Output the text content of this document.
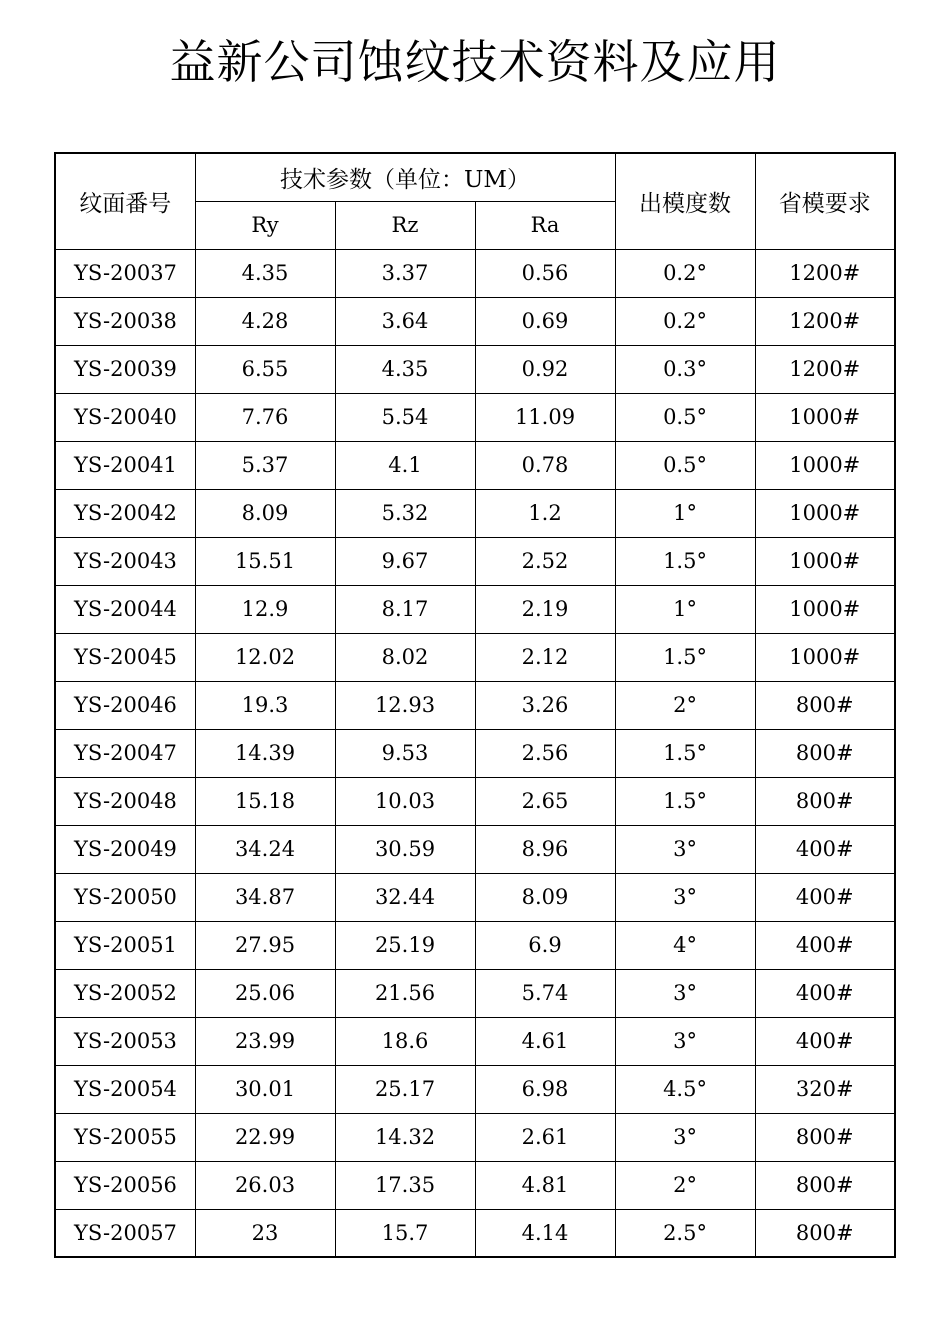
益新公司蚀纹技术资料及应用
纹面番号	技术参数（单位：UM）			出模度数	省模要求
	Ry	Rz	Ra		
YS-20037	4.35	3.37	0.56	0.2°	1200#
YS-20038	4.28	3.64	0.69	0.2°	1200#
YS-20039	6.55	4.35	0.92	0.3°	1200#
YS-20040	7.76	5.54	11.09	0.5°	1000#
YS-20041	5.37	4.1	0.78	0.5°	1000#
YS-20042	8.09	5.32	1.2	1°	1000#
YS-20043	15.51	9.67	2.52	1.5°	1000#
YS-20044	12.9	8.17	2.19	1°	1000#
YS-20045	12.02	8.02	2.12	1.5°	1000#
YS-20046	19.3	12.93	3.26	2°	800#
YS-20047	14.39	9.53	2.56	1.5°	800#
YS-20048	15.18	10.03	2.65	1.5°	800#
YS-20049	34.24	30.59	8.96	3°	400#
YS-20050	34.87	32.44	8.09	3°	400#
YS-20051	27.95	25.19	6.9	4°	400#
YS-20052	25.06	21.56	5.74	3°	400#
YS-20053	23.99	18.6	4.61	3°	400#
YS-20054	30.01	25.17	6.98	4.5°	320#
YS-20055	22.99	14.32	2.61	3°	800#
YS-20056	26.03	17.35	4.81	2°	800#
YS-20057	23	15.7	4.14	2.5°	800#
